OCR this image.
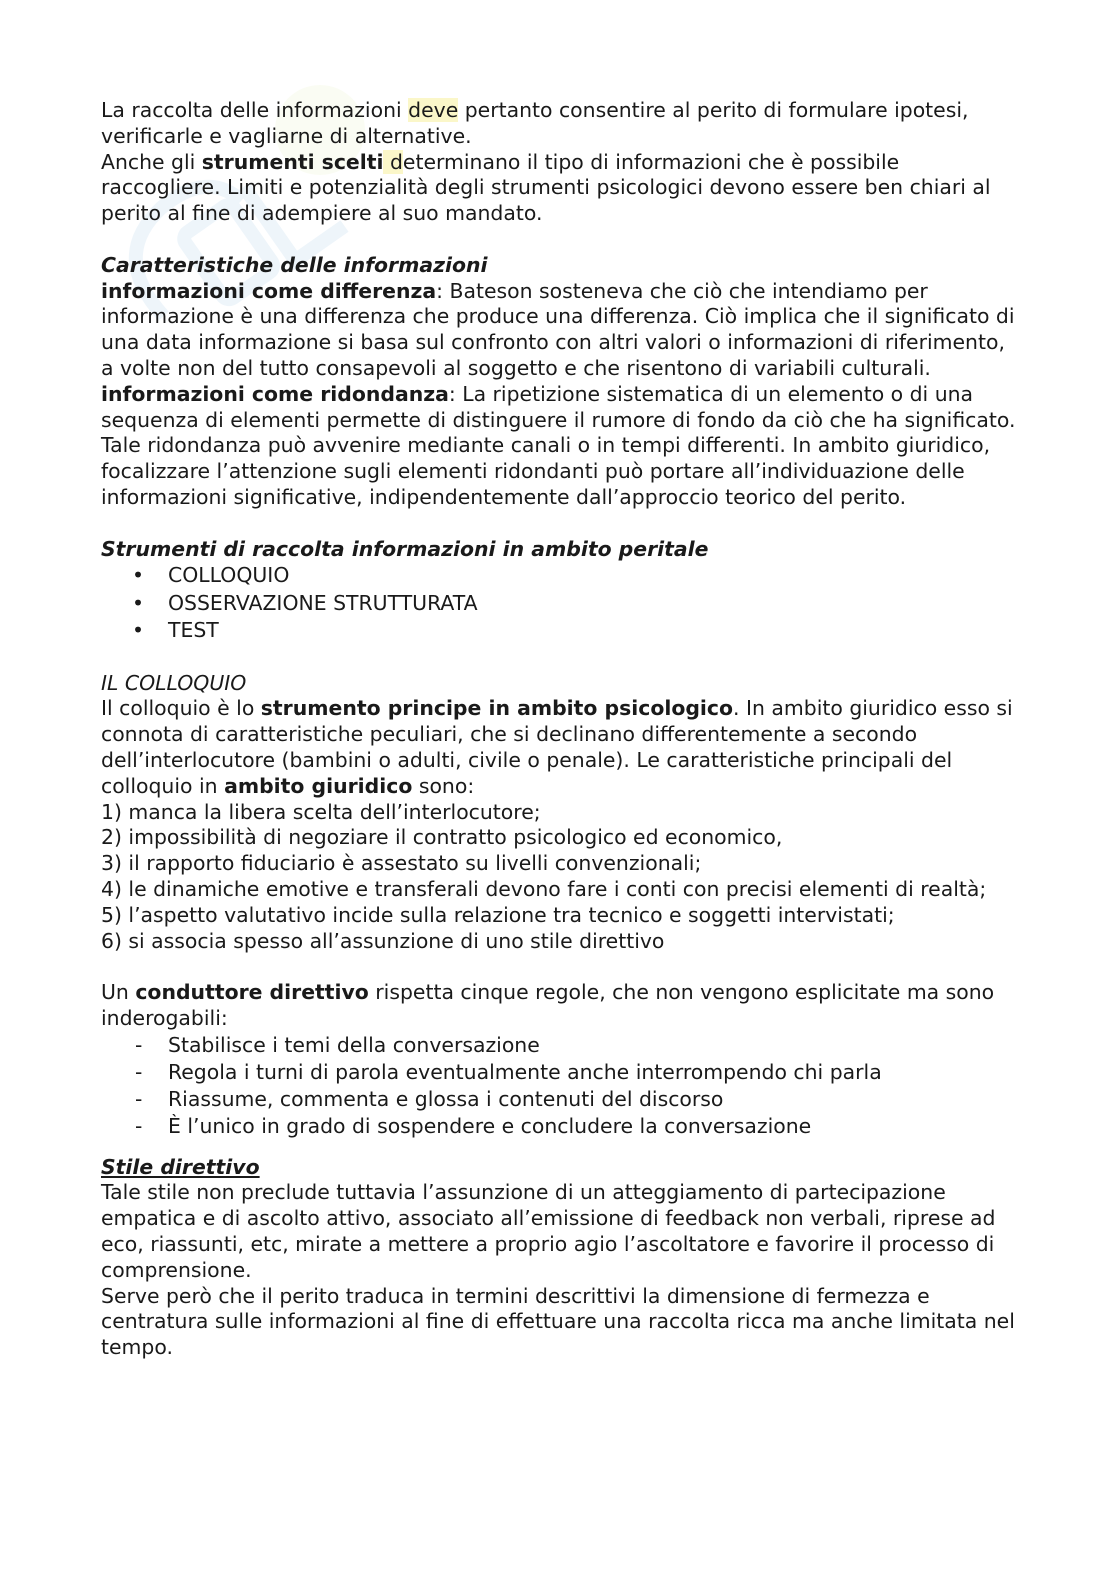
La raccolta delle informazioni deve pertanto consentire al perito di formulare ipotesi, verificarle e vagliarne di alternative.

Anche gli strumenti scelti determinano il tipo di informazioni che è possibile raccogliere. Limiti e potenzialità degli strumenti psicologici devono essere ben chiari al perito al fine di adempiere al suo mandato.

Caratteristiche delle informazioni

informazioni come differenza: Bateson sosteneva che ciò che intendiamo per informazione è una differenza che produce una differenza. Ciò implica che il significato di una data informazione si basa sul confronto con altri valori o informazioni di riferimento, a volte non del tutto consapevoli al soggetto e che risentono di variabili culturali.

informazioni come ridondanza: La ripetizione sistematica di un elemento o di una sequenza di elementi permette di distinguere il rumore di fondo da ciò che ha significato. Tale ridondanza può avvenire mediante canali o in tempi differenti. In ambito giuridico, focalizzare l’attenzione sugli elementi ridondanti può portare all’individuazione delle informazioni significative, indipendentemente dall’approccio teorico del perito.

Strumenti di raccolta informazioni in ambito peritale

• COLLOQUIO
• OSSERVAZIONE STRUTTURATA
• TEST

IL COLLOQUIO

Il colloquio è lo strumento principe in ambito psicologico. In ambito giuridico esso si connota di caratteristiche peculiari, che si declinano differentemente a secondo dell’interlocutore (bambini o adulti, civile o penale). Le caratteristiche principali del colloquio in ambito giuridico sono:

1) manca la libera scelta dell’interlocutore;

2) impossibilità di negoziare il contratto psicologico ed economico,

3) il rapporto fiduciario è assestato su livelli convenzionali;

4) le dinamiche emotive e transferali devono fare i conti con precisi elementi di realtà;

5) l’aspetto valutativo incide sulla relazione tra tecnico e soggetti intervistati;

6) si associa spesso all’assunzione di uno stile direttivo

Un conduttore direttivo rispetta cinque regole, che non vengono esplicitate ma sono inderogabili:

- Stabilisce i temi della conversazione
- Regola i turni di parola eventualmente anche interrompendo chi parla
- Riassume, commenta e glossa i contenuti del discorso
- È l’unico in grado di sospendere e concludere la conversazione

Stile direttivo

Tale stile non preclude tuttavia l’assunzione di un atteggiamento di partecipazione empatica e di ascolto attivo, associato all’emissione di feedback non verbali, riprese ad eco, riassunti, etc, mirate a mettere a proprio agio l’ascoltatore e favorire il processo di comprensione.

Serve però che il perito traduca in termini descrittivi la dimensione di fermezza e centratura sulle informazioni al fine di effettuare una raccolta ricca ma anche limitata nel tempo.
